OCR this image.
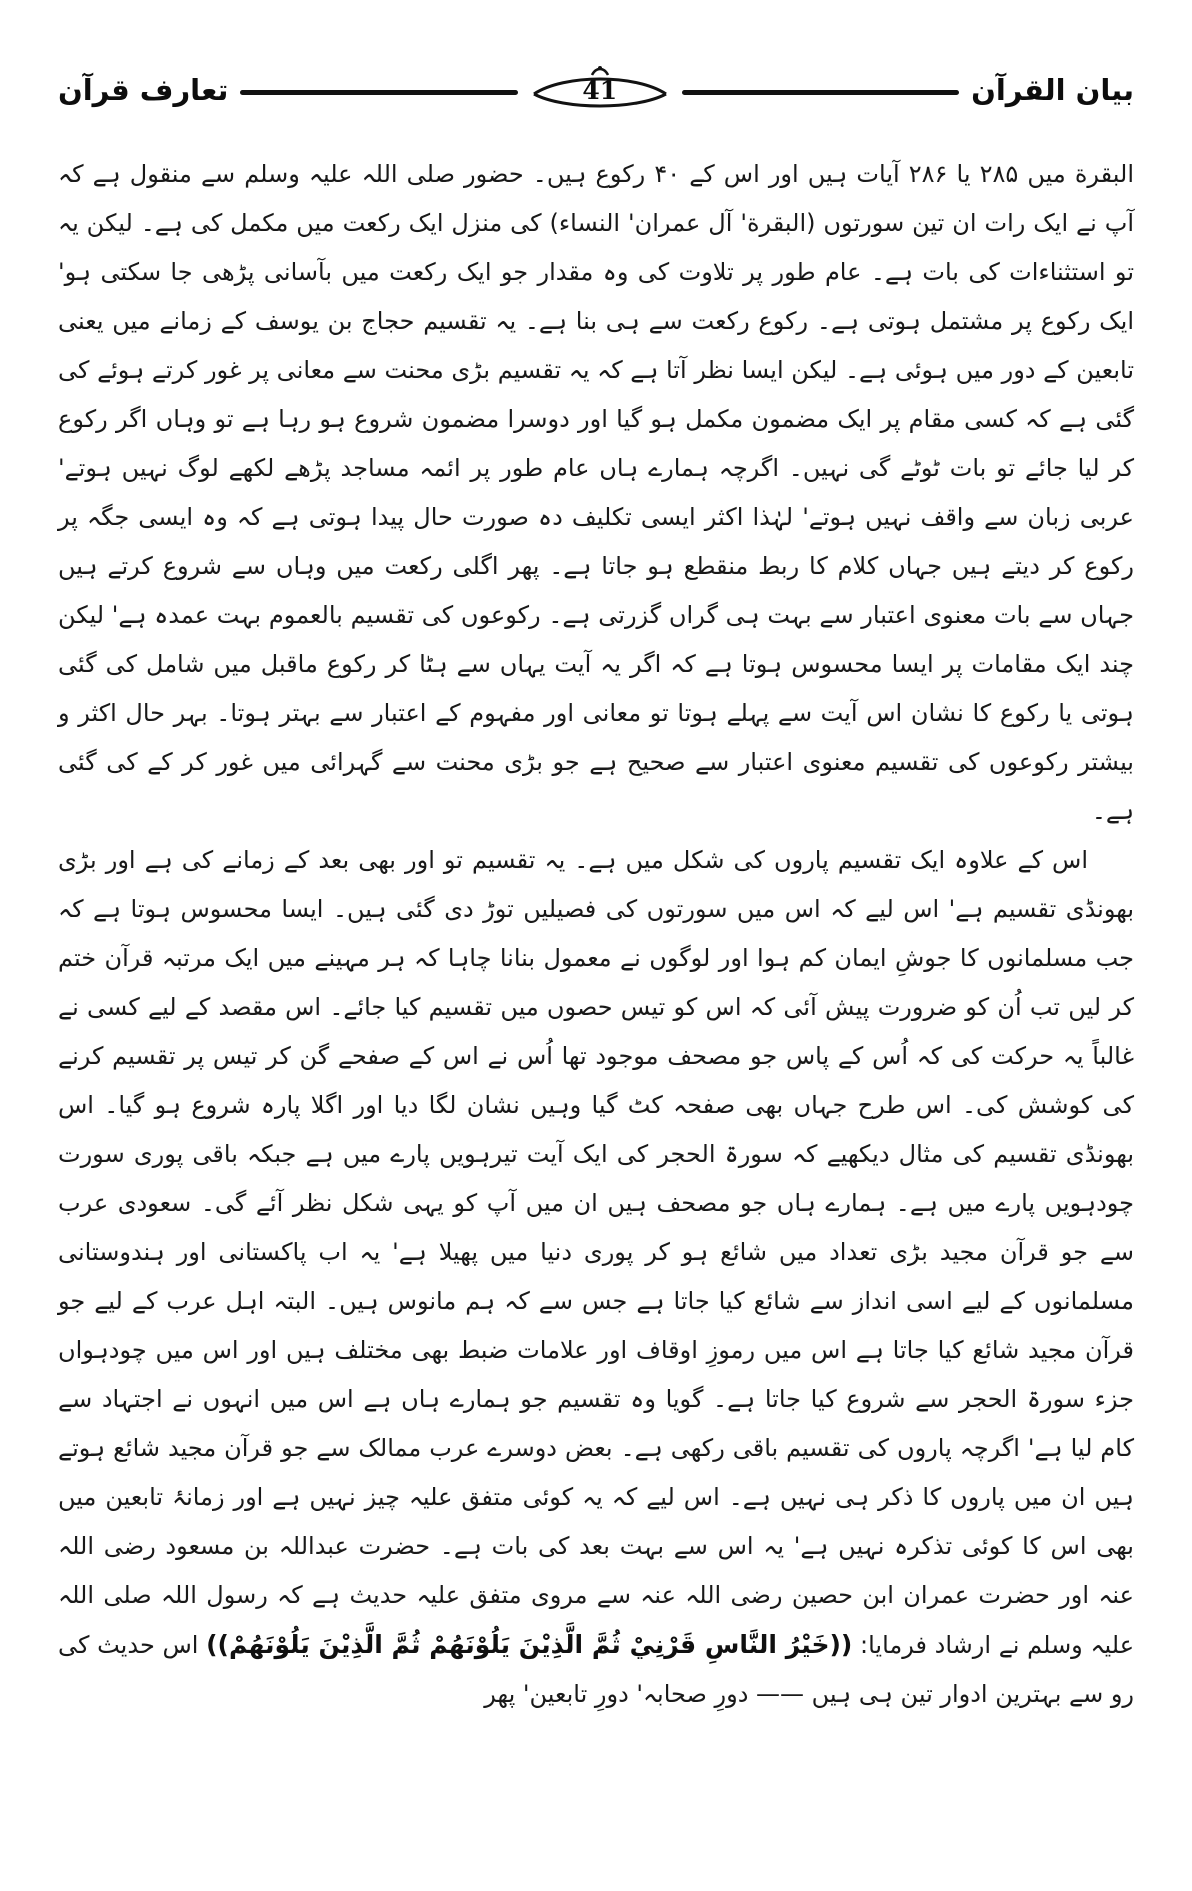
بیان القرآن
41
تعارف قرآن

البقرة میں ۲۸۵ یا ۲۸۶ آیات ہیں اور اس کے ۴۰ رکوع ہیں۔ حضور صلی اللہ علیہ وسلم سے منقول ہے کہ آپ نے ایک رات ان تین سورتوں (البقرة' آل عمران' النساء) کی منزل ایک رکعت میں مکمل کی ہے۔ لیکن یہ تو استثناءات کی بات ہے۔ عام طور پر تلاوت کی وہ مقدار جو ایک رکعت میں بآسانی پڑھی جا سکتی ہو' ایک رکوع پر مشتمل ہوتی ہے۔ رکوع رکعت سے ہی بنا ہے۔ یہ تقسیم حجاج بن یوسف کے زمانے میں یعنی تابعین کے دور میں ہوئی ہے۔ لیکن ایسا نظر آتا ہے کہ یہ تقسیم بڑی محنت سے معانی پر غور کرتے ہوئے کی گئی ہے کہ کسی مقام پر ایک مضمون مکمل ہو گیا اور دوسرا مضمون شروع ہو رہا ہے تو وہاں اگر رکوع کر لیا جائے تو بات ٹوٹے گی نہیں۔ اگرچہ ہمارے ہاں عام طور پر ائمہ مساجد پڑھے لکھے لوگ نہیں ہوتے' عربی زبان سے واقف نہیں ہوتے' لہٰذا اکثر ایسی تکلیف دہ صورت حال پیدا ہوتی ہے کہ وہ ایسی جگہ پر رکوع کر دیتے ہیں جہاں کلام کا ربط منقطع ہو جاتا ہے۔ پھر اگلی رکعت میں وہاں سے شروع کرتے ہیں جہاں سے بات معنوی اعتبار سے بہت ہی گراں گزرتی ہے۔ رکوعوں کی تقسیم بالعموم بہت عمدہ ہے' لیکن چند ایک مقامات پر ایسا محسوس ہوتا ہے کہ اگر یہ آیت یہاں سے ہٹا کر رکوع ماقبل میں شامل کی گئی ہوتی یا رکوع کا نشان اس آیت سے پہلے ہوتا تو معانی اور مفہوم کے اعتبار سے بہتر ہوتا۔ بہر حال اکثر و بیشتر رکوعوں کی تقسیم معنوی اعتبار سے صحیح ہے جو بڑی محنت سے گہرائی میں غور کر کے کی گئی ہے۔

اس کے علاوہ ایک تقسیم پاروں کی شکل میں ہے۔ یہ تقسیم تو اور بھی بعد کے زمانے کی ہے اور بڑی بھونڈی تقسیم ہے' اس لیے کہ اس میں سورتوں کی فصیلیں توڑ دی گئی ہیں۔ ایسا محسوس ہوتا ہے کہ جب مسلمانوں کا جوشِ ایمان کم ہوا اور لوگوں نے معمول بنانا چاہا کہ ہر مہینے میں ایک مرتبہ قرآن ختم کر لیں تب اُن کو ضرورت پیش آئی کہ اس کو تیس حصوں میں تقسیم کیا جائے۔ اس مقصد کے لیے کسی نے غالباً یہ حرکت کی کہ اُس کے پاس جو مصحف موجود تھا اُس نے اس کے صفحے گن کر تیس پر تقسیم کرنے کی کوشش کی۔ اس طرح جہاں بھی صفحہ کٹ گیا وہیں نشان لگا دیا اور اگلا پارہ شروع ہو گیا۔ اس بھونڈی تقسیم کی مثال دیکھیے کہ سورۃ الحجر کی ایک آیت تیرہویں پارے میں ہے جبکہ باقی پوری سورت چودہویں پارے میں ہے۔ ہمارے ہاں جو مصحف ہیں ان میں آپ کو یہی شکل نظر آئے گی۔ سعودی عرب سے جو قرآن مجید بڑی تعداد میں شائع ہو کر پوری دنیا میں پھیلا ہے' یہ اب پاکستانی اور ہندوستانی مسلمانوں کے لیے اسی انداز سے شائع کیا جاتا ہے جس سے کہ ہم مانوس ہیں۔ البتہ اہل عرب کے لیے جو قرآن مجید شائع کیا جاتا ہے اس میں رموزِ اوقاف اور علامات ضبط بھی مختلف ہیں اور اس میں چودہواں جزء سورۃ الحجر سے شروع کیا جاتا ہے۔ گویا وہ تقسیم جو ہمارے ہاں ہے اس میں انہوں نے اجتہاد سے کام لیا ہے' اگرچہ پاروں کی تقسیم باقی رکھی ہے۔ بعض دوسرے عرب ممالک سے جو قرآن مجید شائع ہوتے ہیں ان میں پاروں کا ذکر ہی نہیں ہے۔ اس لیے کہ یہ کوئی متفق علیہ چیز نہیں ہے اور زمانۂ تابعین میں بھی اس کا کوئی تذکرہ نہیں ہے' یہ اس سے بہت بعد کی بات ہے۔ حضرت عبداللہ بن مسعود رضی اللہ عنہ اور حضرت عمران ابن حصین رضی اللہ عنہ سے مروی متفق علیہ حدیث ہے کہ رسول اللہ صلی اللہ علیہ وسلم نے ارشاد فرمایا: ((خَيْرُ النَّاسِ قَرْنِيْ ثُمَّ الَّذِيْنَ يَلُوْنَهُمْ ثُمَّ الَّذِيْنَ يَلُوْنَهُمْ)) اس حدیث کی رو سے بہترین ادوار تین ہی ہیں —— دورِ صحابہ' دورِ تابعین' پھر
